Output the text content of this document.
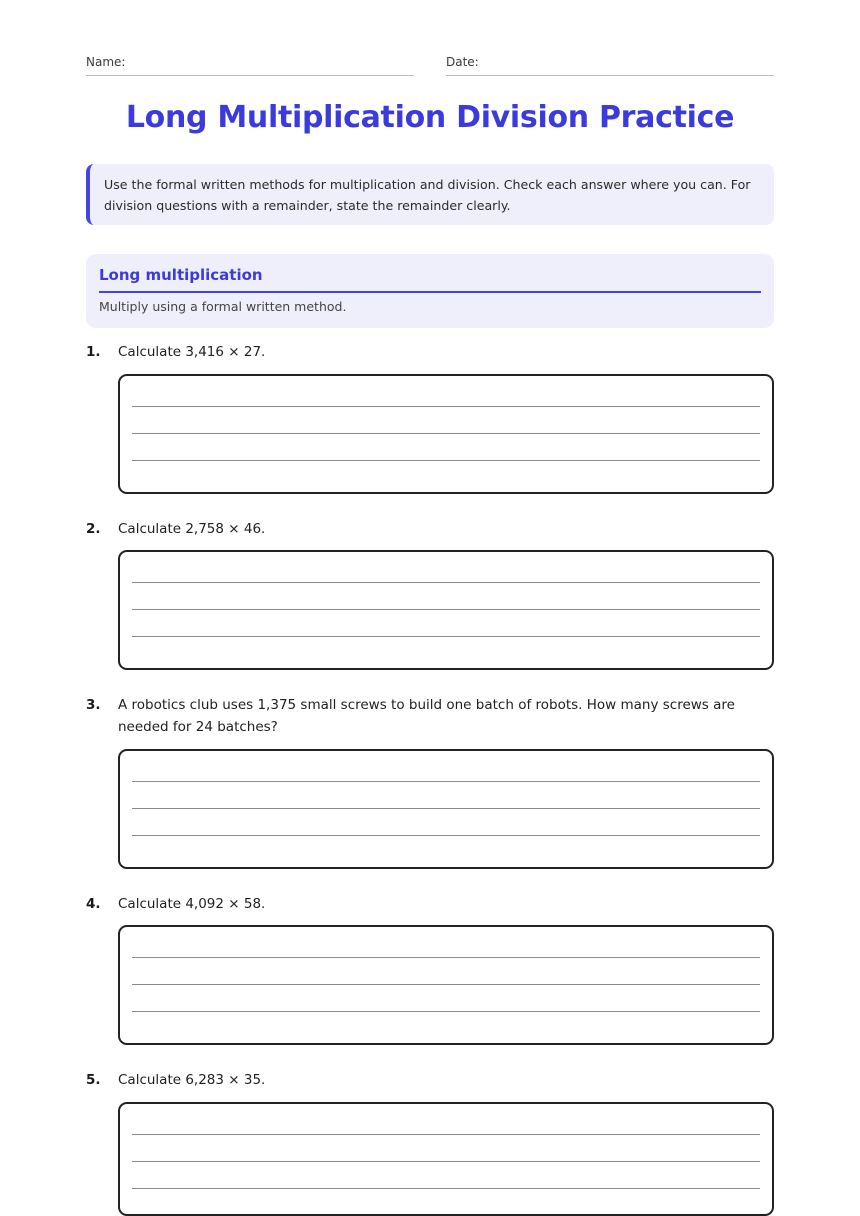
Name:	Date:
Long Multiplication Division Practice
Use the formal written methods for multiplication and division. Check each answer where you can. For division questions with a remainder, state the remainder clearly.
Long multiplication
Multiply using a formal written method.
1. Calculate 3,416 × 27.
2. Calculate 2,758 × 46.
3. A robotics club uses 1,375 small screws to build one batch of robots. How many screws are needed for 24 batches?
4. Calculate 4,092 × 58.
5. Calculate 6,283 × 35.
